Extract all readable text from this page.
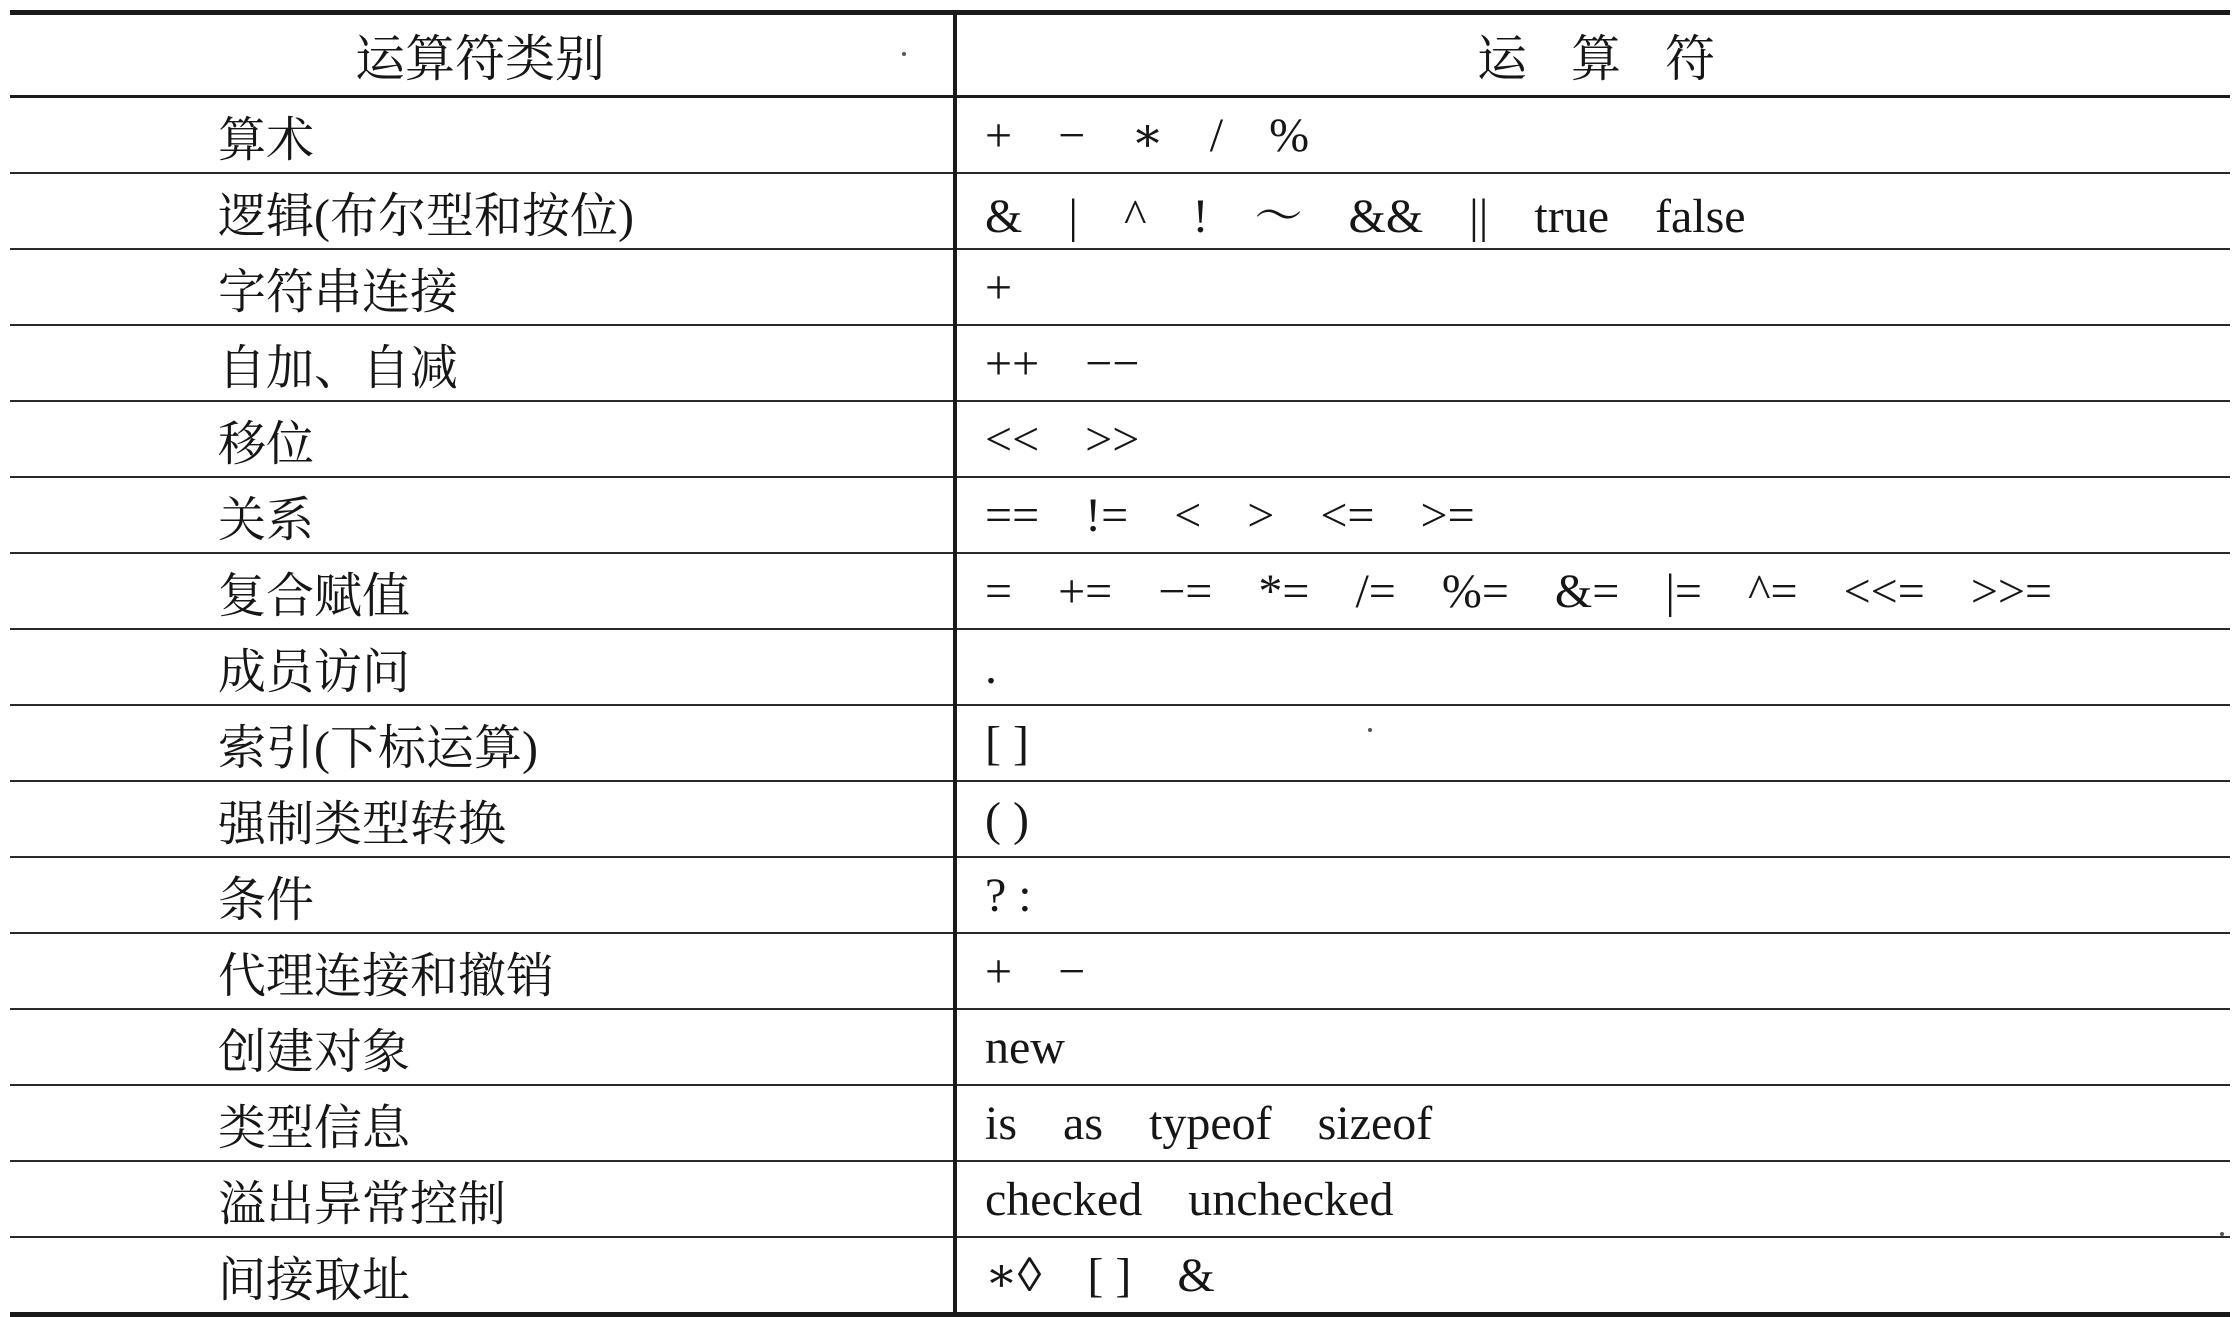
运算符类别	运算符
算术	+ − ∗ / %
逻辑(布尔型和按位)	& | ^ ! ～ && || true false
字符串连接	+
自加、自减	++ −−
移位	<< >>
关系	== != < > <= >=
复合赋值	= += −= *= /= %= &= |= ^= <<= >>=
成员访问	.
索引(下标运算)	[ ]
强制类型转换	( )
条件	? :
代理连接和撤销	+ −
创建对象	new
类型信息	is as typeof sizeof
溢出异常控制	checked unchecked
间接取址	∗◊ [ ] &
